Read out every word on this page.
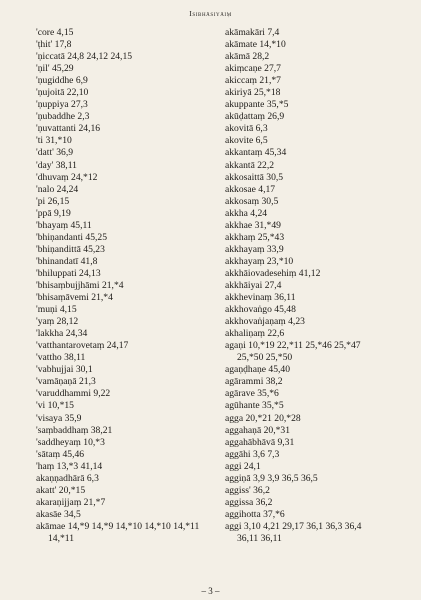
Isibhāsiyāiṃ
'core 4,15
'ṭhit' 17,8
'ṇiccatā 24,8 24,12 24,15
'ṇil' 45,29
'ṇugiddhe 6,9
'ṇujoitā 22,10
'ṇuppiya 27,3
'ṇubaddhe 2,3
'ṇuvattanti 24,16
'ti 31,*10
'datt' 36,9
'day' 38,11
'dhuvaṃ 24,*12
'nalo 24,24
'pi 26,15
'ppā 9,19
'bhayaṃ 45,11
'bhiṇandanti 45,25
'bhiṇandittā 45,23
'bhinandatī 41,8
'bhiluppati 24,13
'bhisaṃbujjhāmi 21,*4
'bhisaṃāvemi 21,*4
'muṇi 4,15
'yaṃ 28,12
'lakkha 24,34
'vatthantarovetaṃ 24,17
'vattho 38,11
'vabhujjai 30,1
'vamāṇaṇā 21,3
'varuddhammi 9,22
'vi 10,*15
'visaya 35,9
'saṃbaddhaṃ 38,21
'saddheyaṃ 10,*3
'sātaṃ 45,46
'haṃ 13,*3 41,14
akaṇṇadhārā 6,3
akatt' 20,*15
akaraṇijjaṃ 21,*7
akasāe 34,5
akāmae 14,*9 14,*9 14,*10 14,*10 14,*11
14,*11
akāmakāri 7,4
akāmate 14,*10
akāmā 28,2
akiṃcaṇe 27,7
akiccaṃ 21,*7
akiriyā 25,*18
akuppante 35,*5
akūḍattaṃ 26,9
akovitā 6,3
akovite 6,5
akkantaṃ 45,34
akkantā 22,2
akkosaittā 30,5
akkosae 4,17
akkosaṃ 30,5
akkha 4,24
akkhae 31,*49
akkhaṃ 25,*43
akkhayaṃ 33,9
akkhayaṃ 23,*10
akkhāiovadesehiṃ 41,12
akkhāiyai 27,4
akkhevinaṃ 36,11
akkhovaṅgo 45,48
akkhovaṅjaṇaṃ 4,23
akhaliṇaṃ 22,6
agaṇi 10,*19 22,*11 25,*46 25,*47
25,*50 25,*50
agaṇḍhaṇe 45,40
agārammi 38,2
agārave 35,*6
agūhante 35,*5
agga 20,*21 20,*28
aggahaṇā 20,*31
aggahābhāvā 9,31
aggāhi 3,6 7,3
aggi 24,1
aggiṇā 3,9 3,9 36,5 36,5
aggiss' 36,2
aggissa 36,2
aggihotta 37,*6
aggi 3,10 4,21 29,17 36,1 36,3 36,4
36,11 36,11
– 3 –
